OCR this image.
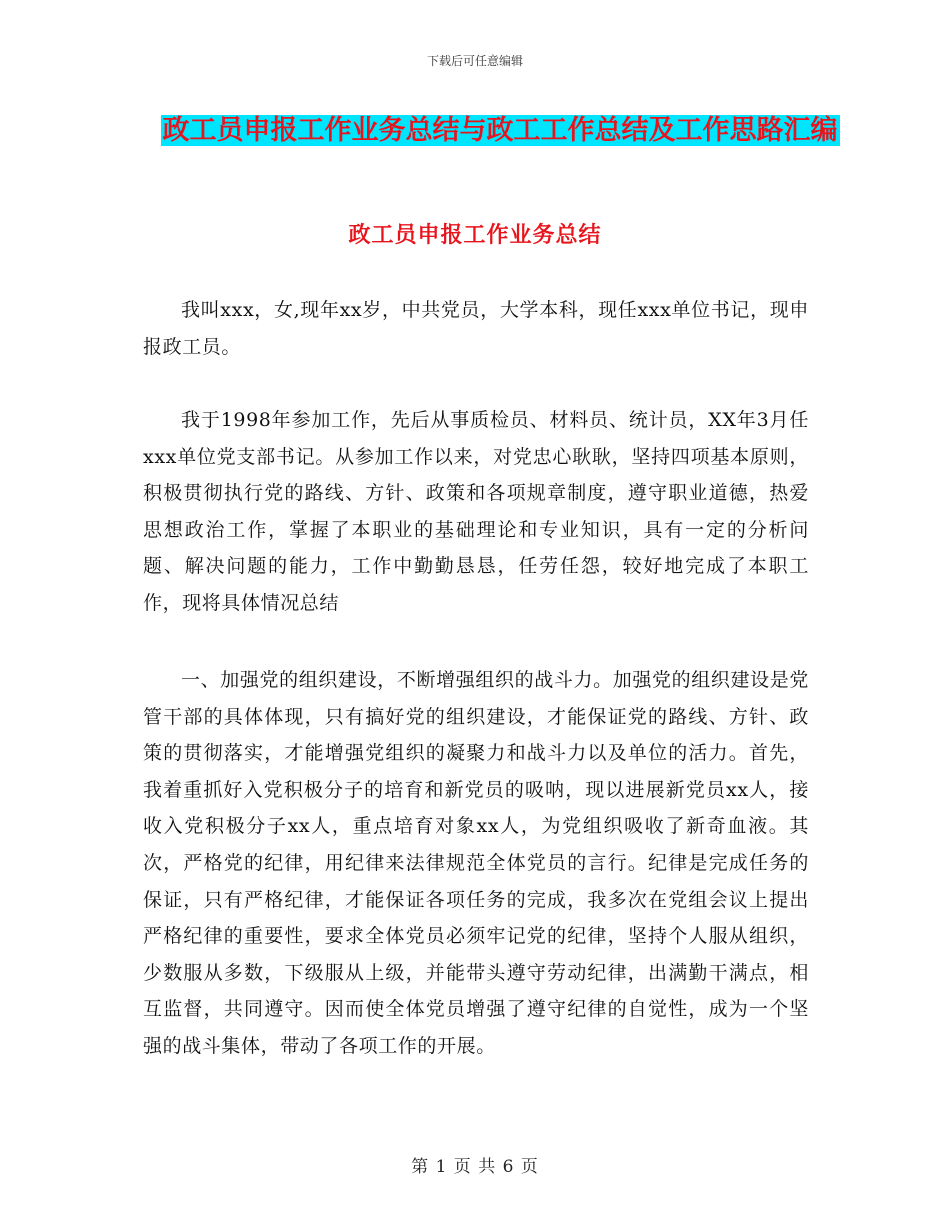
下载后可任意编辑
政工员申报工作业务总结与政工工作总结及工作思路汇编
政工员申报工作业务总结

我叫xxx，女,现年xx岁，中共党员，大学本科，现任xxx单位书记，现申报政工员。

我于1998年参加工作，先后从事质检员、材料员、统计员，XX年3月任xxx单位党支部书记。从参加工作以来，对党忠心耿耿，坚持四项基本原则，积极贯彻执行党的路线、方针、政策和各项规章制度，遵守职业道德，热爱思想政治工作，掌握了本职业的基础理论和专业知识，具有一定的分析问题、解决问题的能力，工作中勤勤恳恳，任劳任怨，较好地完成了本职工作，现将具体情况总结

一、加强党的组织建设，不断增强组织的战斗力。加强党的组织建设是党管干部的具体体现，只有搞好党的组织建设，才能保证党的路线、方针、政策的贯彻落实，才能增强党组织的凝聚力和战斗力以及单位的活力。首先，我着重抓好入党积极分子的培育和新党员的吸呐，现以进展新党员xx人，接收入党积极分子xx人，重点培育对象xx人，为党组织吸收了新奇血液。其次，严格党的纪律，用纪律来法律规范全体党员的言行。纪律是完成任务的保证，只有严格纪律，才能保证各项任务的完成，我多次在党组会议上提出严格纪律的重要性，要求全体党员必须牢记党的纪律，坚持个人服从组织，少数服从多数，下级服从上级，并能带头遵守劳动纪律，出满勤干满点，相互监督，共同遵守。因而使全体党员增强了遵守纪律的自觉性，成为一个坚强的战斗集体，带动了各项工作的开展。

第 1 页 共 6 页
